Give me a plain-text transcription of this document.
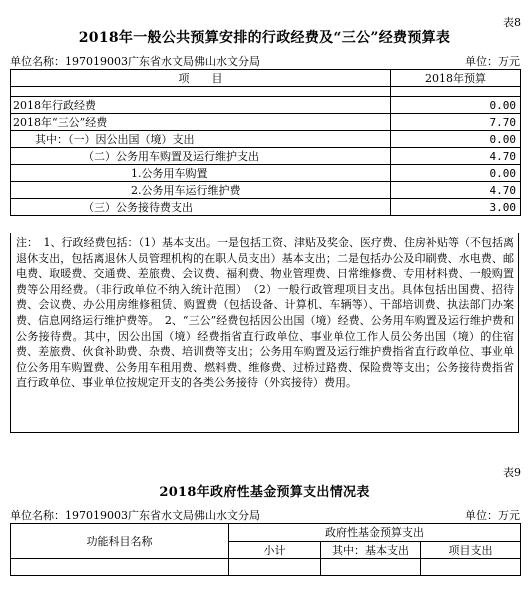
表8
2018年一般公共预算安排的行政经费及“三公”经费预算表
单位名称：197019003广东省水文局佛山水文分局	单位：万元
项　　目	2018年预算

2018年行政经费	0.00
2018年“三公”经费	7.70
其中：（一）因公出国（境）支出	0.00
（二）公务用车购置及运行维护支出	4.70
1.公务用车购置	0.00
2.公务用车运行维护费	4.70
（三）公务接待费支出	3.00
注：　1、行政经费包括：（1）基本支出。一是包括工资、津贴及奖金、医疗费、住房补贴等（不包括离退休支出，包括离退休人员管理机构的在职人员支出）基本支出；二是包括办公及印刷费、水电费、邮电费、取暖费、交通费、差旅费、会议费、福利费、物业管理费、日常维修费、专用材料费、一般购置费等公用经费。（非行政单位不纳入统计范围）　（2）一般行政管理项目支出。具体包括出国费、招待费、会议费、办公用房维修租赁、购置费（包括设备、计算机、车辆等）、干部培训费、执法部门办案费、信息网络运行维护费等。　2、“三公”经费包括因公出国（境）经费、公务用车购置及运行维护费和公务接待费。其中，因公出国（境）经费指省直行政单位、事业单位工作人员公务出国（境）的住宿费、差旅费、伙食补助费、杂费、培训费等支出；公务用车购置及运行维护费指省直行政单位、事业单位公务用车购置费、公务用车租用费、燃料费、维修费、过桥过路费、保险费等支出；公务接待费指省直行政单位、事业单位按规定开支的各类公务接待（外宾接待）费用。
表9
2018年政府性基金预算支出情况表
单位名称：197019003广东省水文局佛山水文分局	单位：万元
功能科目名称	政府性基金预算支出		
	小计	其中：基本支出	项目支出
